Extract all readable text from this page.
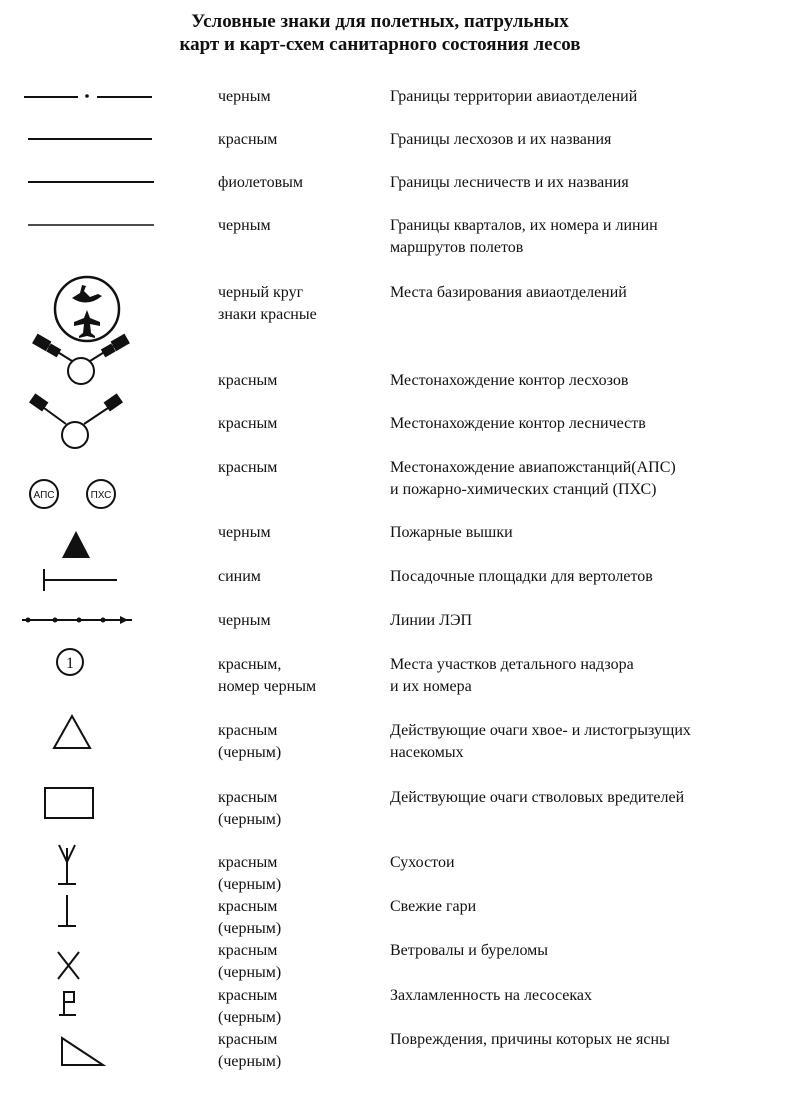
Условные знаки для полетных, патрульных
карт и карт-схем санитарного состояния лесов
АПС	ПХС
1
черным
красным
фиолетовым
черным
черный круг
знаки красные
красным
красным
красным
черным
синим
черным
красным,
номер черным
красным
(черным)
красным
(черным)
красным
(черным)
красным
(черным)
красным
(черным)
красным
(черным)
красным
(черным)
Границы территории авиаотделений
Границы лесхозов и их названия
Границы лесничеств и их названия
Границы кварталов, их номера и линин
маршрутов полетов
Места базирования авиаотделений
Местонахождение контор лесхозов
Местонахождение контор лесничеств
Местонахождение авиапожстанций(АПС)
и пожарно-химических станций (ПХС)
Пожарные вышки
Посадочные площадки для вертолетов
Линии ЛЭП
Места участков детального надзора
и их номера
Действующие очаги хвое- и листогрызущих
насекомых
Действующие очаги стволовых вредителей
Сухостои
Свежие гари
Ветровалы и буреломы
Захламленность на лесосеках
Повреждения, причины которых не ясны
